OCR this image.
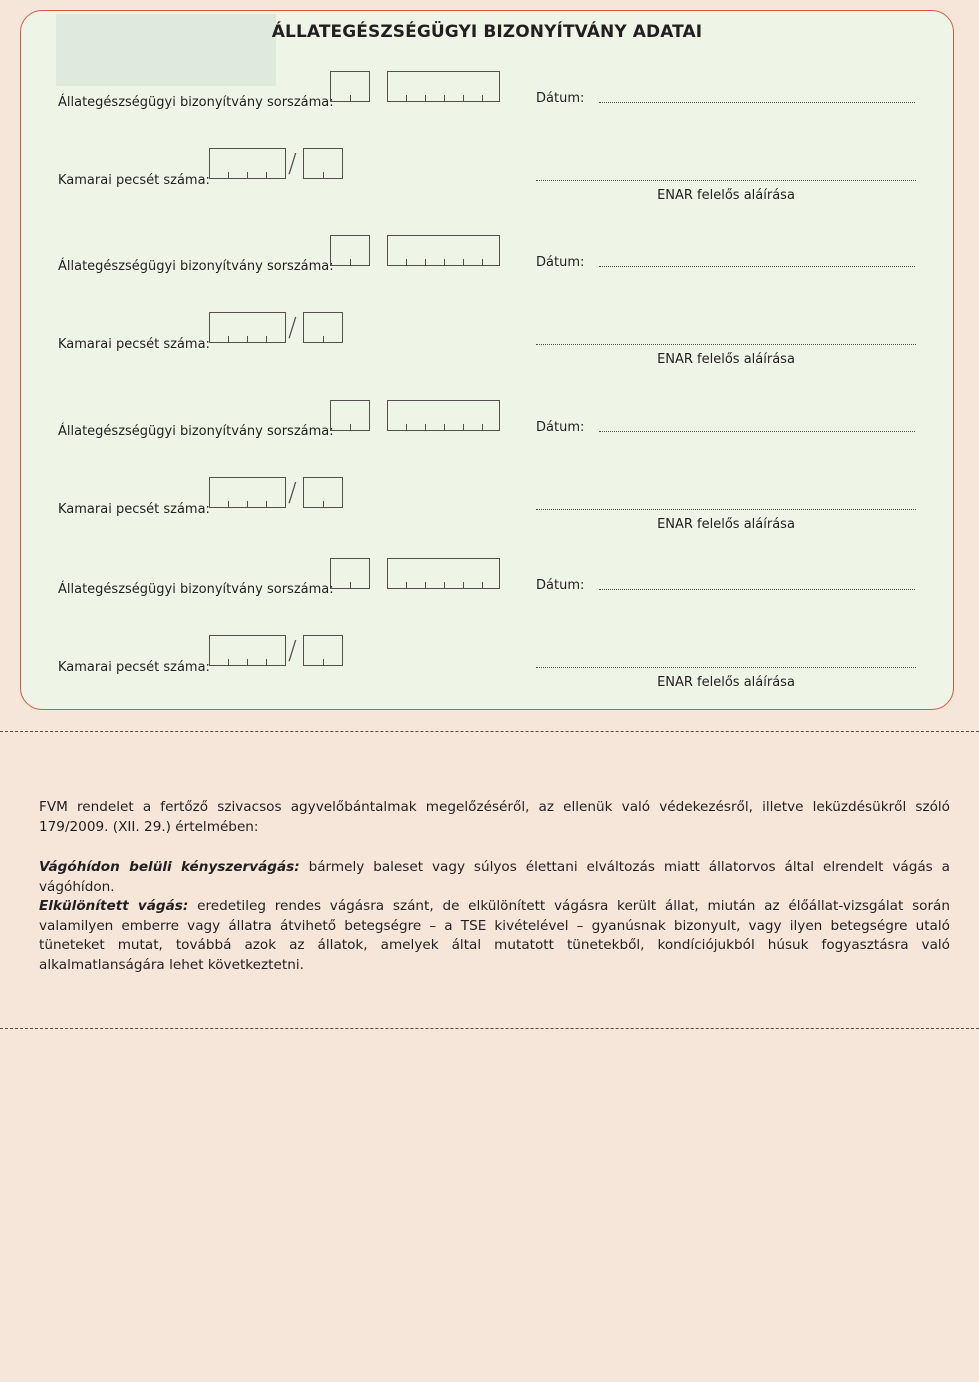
ÁLLATEGÉSZSÉGÜGYI BIZONYÍTVÁNY ADATAI
Állategészségügyi bizonyítvány sorszáma:	Dátum:
Kamarai pecsét száma:
/
ENAR felelős aláírása
Állategészségügyi bizonyítvány sorszáma:	Dátum:
Kamarai pecsét száma:
/
ENAR felelős aláírása
Állategészségügyi bizonyítvány sorszáma:	Dátum:
Kamarai pecsét száma:
/
ENAR felelős aláírása
Állategészségügyi bizonyítvány sorszáma:	Dátum:
Kamarai pecsét száma:
/
ENAR felelős aláírása
FVM rendelet a fertőző szivacsos agyvelőbántalmak megelőzéséről, az ellenük való védekezésről, illetve leküzdésükről szóló 179/2009. (XII. 29.) értelmében:
Vágóhídon belüli kényszervágás: bármely baleset vagy súlyos élettani elváltozás miatt állatorvos által elrendelt vágás a vágóhídon.
Elkülönített vágás: eredetileg rendes vágásra szánt, de elkülönített vágásra került állat, miután az élőállat-vizsgálat során valamilyen emberre vagy állatra átvihető betegségre – a TSE kivételével – gyanúsnak bizonyult, vagy ilyen betegségre utaló tüneteket mutat, továbbá azok az állatok, amelyek által mutatott tünetekből, kondíciójukból húsuk fogyasztásra való alkalmatlanságára lehet következtetni.
